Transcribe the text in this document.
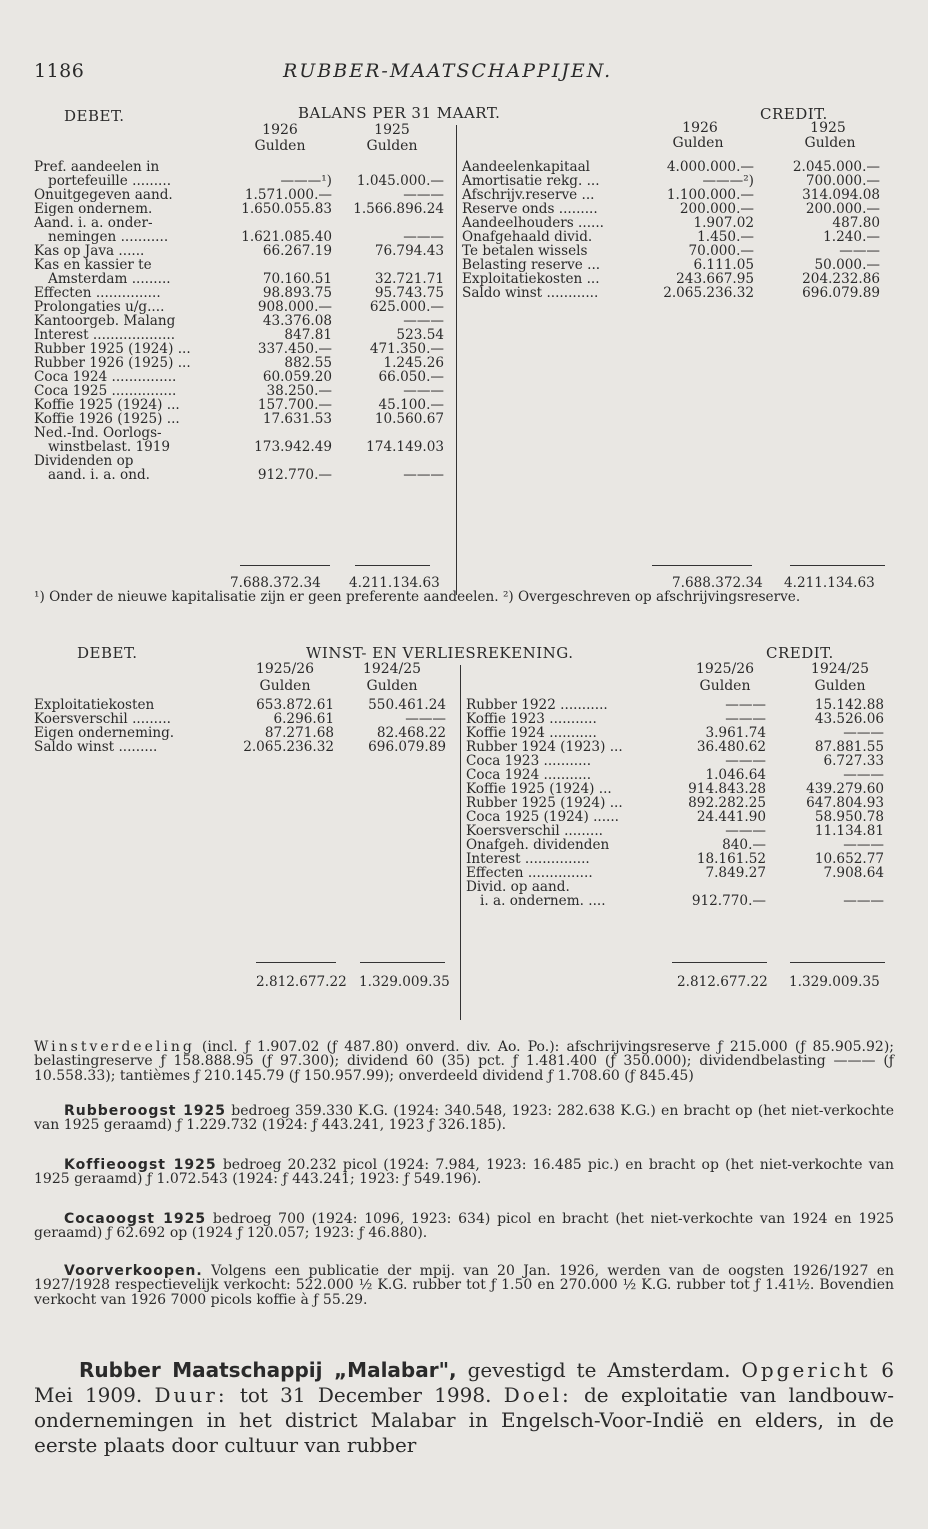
1186	RUBBER-MAATSCHAPPIJEN.
DEBET.	BALANS PER 31 MAART.	CREDIT.
1926	1925
Gulden	Gulden
1926	1925
Gulden	Gulden
Pref. aandeelen in
portefeuille .........	———¹) 1.045.000.—
Onuitgegeven aand.	1.571.000.—	———
Eigen ondernem.	1.650.055.83 1.566.896.24
Aand. i. a. onder-
nemingen ...........	1.621.085.40	———
Kas op Java ......	66.267.19	76.794.43
Kas en kassier te
Amsterdam .........	70.160.51	32.721.71
Effecten ...............	98.893.75	95.743.75
Prolongaties u/g....	908.000.—	625.000.—
Kantoorgeb. Malang	43.376.08	———
Interest ...................	847.81	523.54
Rubber 1925 (1924) ...	337.450.—	471.350.—
Rubber 1926 (1925) ...	882.55	1.245.26
Coca 1924 ...............	60.059.20	66.050.—
Coca 1925 ...............	38.250.—	———
Koffie 1925 (1924) ...	157.700.—	45.100.—
Koffie 1926 (1925) ...	17.631.53	10.560.67
Ned.-Ind. Oorlogs-
winstbelast. 1919	173.942.49	174.149.03
Dividenden op
aand. i. a. ond.	912.770.—	———
Aandeelenkapitaal	4.000.000.—	2.045.000.—
Amortisatie rekg. ...	———²)	700.000.—
Afschrijv.reserve ...	1.100.000.—	314.094.08
Reserve onds .........	200.000.—	200.000.—
Aandeelhouders ......	1.907.02	487.80
Onafgehaald divid.	1.450.—	1.240.—
Te betalen wissels	70.000.—	———
Belasting reserve ...	6.111.05	50.000.—
Exploitatiekosten ...	243.667.95	204.232.86
Saldo winst ............	2.065.236.32	696.079.89
7.688.372.34 4.211.134.63	7.688.372.34 4.211.134.63
¹) Onder de nieuwe kapitalisatie zijn er geen preferente aandeelen. ²) Overgeschreven op afschrijvingsreserve.
DEBET.	WINST- EN VERLIESREKENING.	CREDIT.
1925/26	1924/25
Gulden	Gulden
1925/26	1924/25
Gulden	Gulden
Exploitatiekosten	653.872.61	550.461.24
Koersverschil .........	6.296.61	———
Eigen onderneming.	87.271.68	82.468.22
Saldo winst .........	2.065.236.32	696.079.89
Rubber 1922 ...........	———	15.142.88
Koffie 1923 ...........	———	43.526.06
Koffie 1924 ...........	3.961.74	———
Rubber 1924 (1923) ...	36.480.62	87.881.55
Coca 1923 ...........	———	6.727.33
Coca 1924 ...........	1.046.64	———
Koffie 1925 (1924) ...	914.843.28	439.279.60
Rubber 1925 (1924) ...	892.282.25	647.804.93
Coca 1925 (1924) ......	24.441.90	58.950.78
Koersverschil .........	———	11.134.81
Onafgeh. dividenden	840.—	———
Interest ...............	18.161.52	10.652.77
Effecten ...............	7.849.27	7.908.64
Divid. op aand.
i. a. ondernem. ....	912.770.—	———
2.812.677.22 1.329.009.35	2.812.677.22 1.329.009.35
Winstverdeeling (incl. ƒ 1.907.02 (ƒ 487.80) onverd. div. Ao. Po.): afschrijvingsreserve ƒ 215.000 (ƒ 85.905.92); belastingreserve ƒ 158.888.95 (ƒ 97.300); dividend 60 (35) pct. ƒ 1.481.400 (ƒ 350.000); dividendbelasting ——— (ƒ 10.558.33); tantièmes ƒ 210.145.79 (ƒ 150.957.99); onverdeeld dividend ƒ 1.708.60 (ƒ 845.45)
Rubberoogst 1925 bedroeg 359.330 K.G. (1924: 340.548, 1923: 282.638 K.G.) en bracht op (het niet-verkochte van 1925 geraamd) ƒ 1.229.732 (1924: ƒ 443.241, 1923 ƒ 326.185).
Koffieoogst 1925 bedroeg 20.232 picol (1924: 7.984, 1923: 16.485 pic.) en bracht op (het niet-verkochte van 1925 geraamd) ƒ 1.072.543 (1924: ƒ 443.241; 1923: ƒ 549.196).
Cocaoogst 1925 bedroeg 700 (1924: 1096, 1923: 634) picol en bracht (het niet-verkochte van 1924 en 1925 geraamd) ƒ 62.692 op (1924 ƒ 120.057; 1923: ƒ 46.880).
Voorverkoopen. Volgens een publicatie der mpij. van 20 Jan. 1926, werden van de oogsten 1926/1927 en 1927/1928 respectievelijk verkocht: 522.000 ½ K.G. rubber tot ƒ 1.50 en 270.000 ½ K.G. rubber tot ƒ 1.41½. Bovendien verkocht van 1926 7000 picols koffie à ƒ 55.29.
Rubber Maatschappij „Malabar", gevestigd te Amsterdam. Opgericht 6 Mei 1909. Duur: tot 31 December 1998. Doel: de exploitatie van landbouw-ondernemingen in het district Malabar in Engelsch-Voor-Indië en elders, in de eerste plaats door cultuur van rubber
